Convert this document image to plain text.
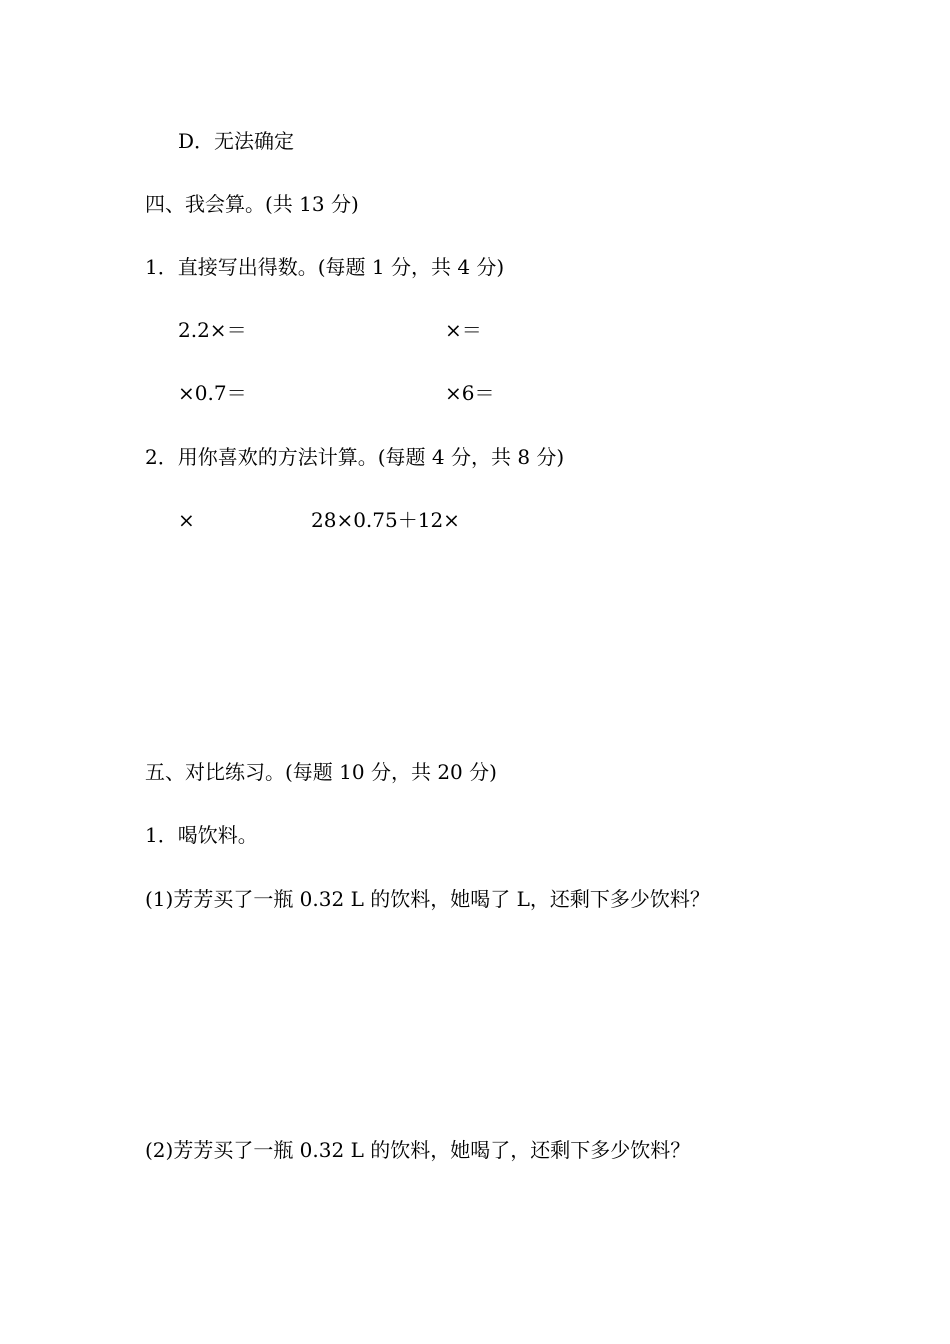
D．无法确定
四、我会算。(共 13 分)
1．直接写出得数。(每题 1 分，共 4 分)
2.2×＝	×＝
×0.7＝	×6＝
2．用你喜欢的方法计算。(每题 4 分，共 8 分)
×	28×0.75＋12×
五、对比练习。(每题 10 分，共 20 分)
1．喝饮料。
(1)芳芳买了一瓶 0.32 L 的饮料，她喝了 L，还剩下多少饮料？
(2)芳芳买了一瓶 0.32 L 的饮料，她喝了，还剩下多少饮料？
